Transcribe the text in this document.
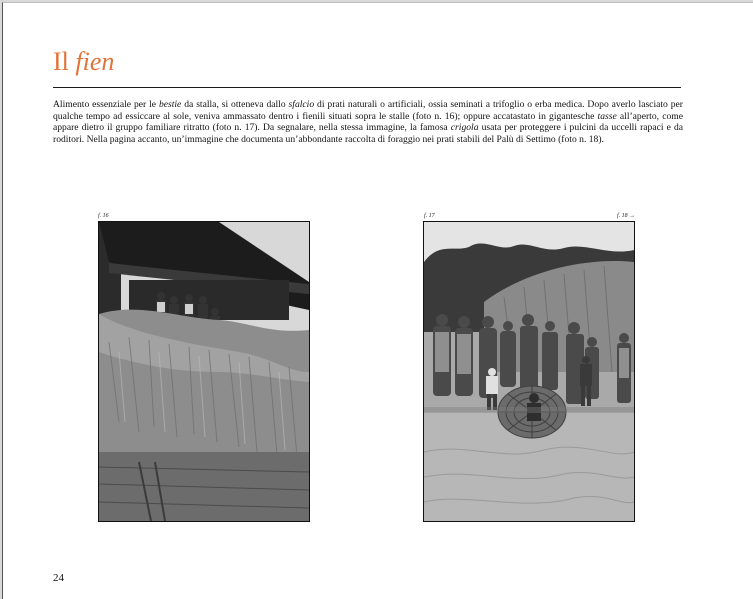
Il fien
Alimento essenziale per le bestie da stalla, si otteneva dallo sfalcio di prati naturali o artificiali, ossia seminati a trifoglio o erba medica. Dopo averlo lasciato per qualche tempo ad essiccare al sole, veniva ammassato dentro i fienili situati sopra le stalle (foto n. 16); oppure accatastato in gigantesche tasse all’aperto, come appare dietro il gruppo familiare ritratto (foto n. 17). Da segnalare, nella stessa immagine, la famosa crigola usata per proteggere i pulcini da uccelli rapaci e da roditori. Nella pagina accanto, un’immagine che documenta un’abbondante raccolta di foraggio nei prati stabili del Palù di Settimo (foto n. 18).
f. 16	f. 17	f. 18 →
24
